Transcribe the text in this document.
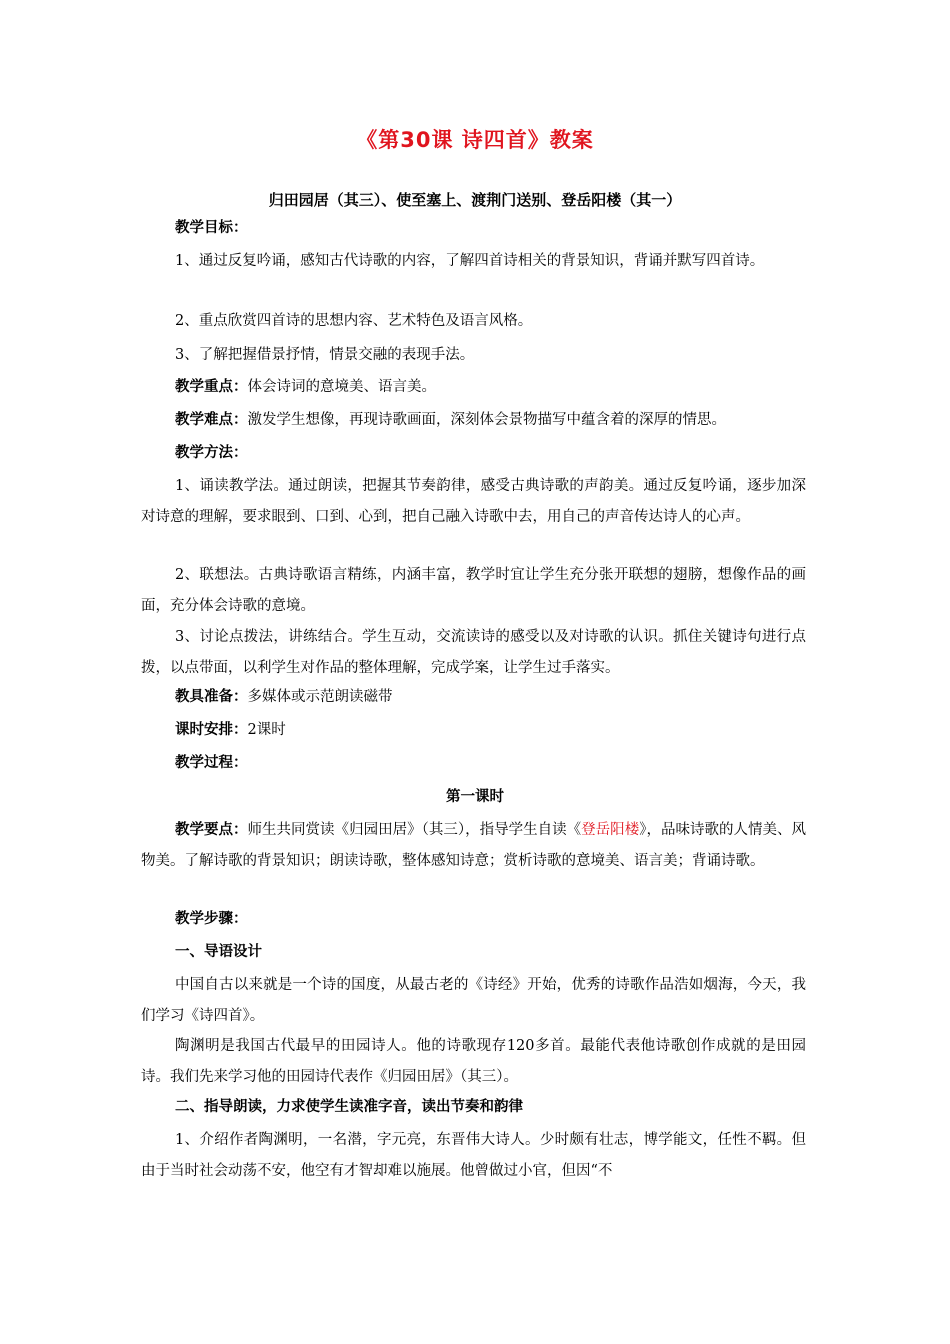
《第30课 诗四首》教案
归田园居（其三）、使至塞上、渡荆门送别、登岳阳楼（其一）
教学目标：
1、通过反复吟诵，感知古代诗歌的内容，了解四首诗相关的背景知识，背诵并默写四首诗。
2、重点欣赏四首诗的思想内容、艺术特色及语言风格。
3、了解把握借景抒情，情景交融的表现手法。
教学重点：体会诗词的意境美、语言美。
教学难点：激发学生想像，再现诗歌画面，深刻体会景物描写中蕴含着的深厚的情思。
教学方法：
1、诵读教学法。通过朗读，把握其节奏韵律，感受古典诗歌的声韵美。通过反复吟诵，逐步加深对诗意的理解，要求眼到、口到、心到，把自己融入诗歌中去，用自己的声音传达诗人的心声。
2、联想法。古典诗歌语言精练，内涵丰富，教学时宜让学生充分张开联想的翅膀，想像作品的画面，充分体会诗歌的意境。
3、讨论点拨法，讲练结合。学生互动，交流读诗的感受以及对诗歌的认识。抓住关键诗句进行点拨，以点带面，以利学生对作品的整体理解，完成学案，让学生过手落实。
教具准备：多媒体或示范朗读磁带
课时安排：2课时
教学过程：
第一课时
教学要点：师生共同赏读《归园田居》（其三），指导学生自读《登岳阳楼》，品味诗歌的人情美、风物美。了解诗歌的背景知识；朗读诗歌，整体感知诗意；赏析诗歌的意境美、语言美；背诵诗歌。
教学步骤：
一、导语设计
中国自古以来就是一个诗的国度，从最古老的《诗经》开始，优秀的诗歌作品浩如烟海，今天，我们学习《诗四首》。
陶渊明是我国古代最早的田园诗人。他的诗歌现存120多首。最能代表他诗歌创作成就的是田园诗。我们先来学习他的田园诗代表作《归园田居》（其三）。
二、指导朗读，力求使学生读准字音，读出节奏和韵律
1、介绍作者陶渊明，一名潜，字元亮，东晋伟大诗人。少时颇有壮志，博学能文，任性不羁。但由于当时社会动荡不安，他空有才智却难以施展。他曾做过小官，但因“不
